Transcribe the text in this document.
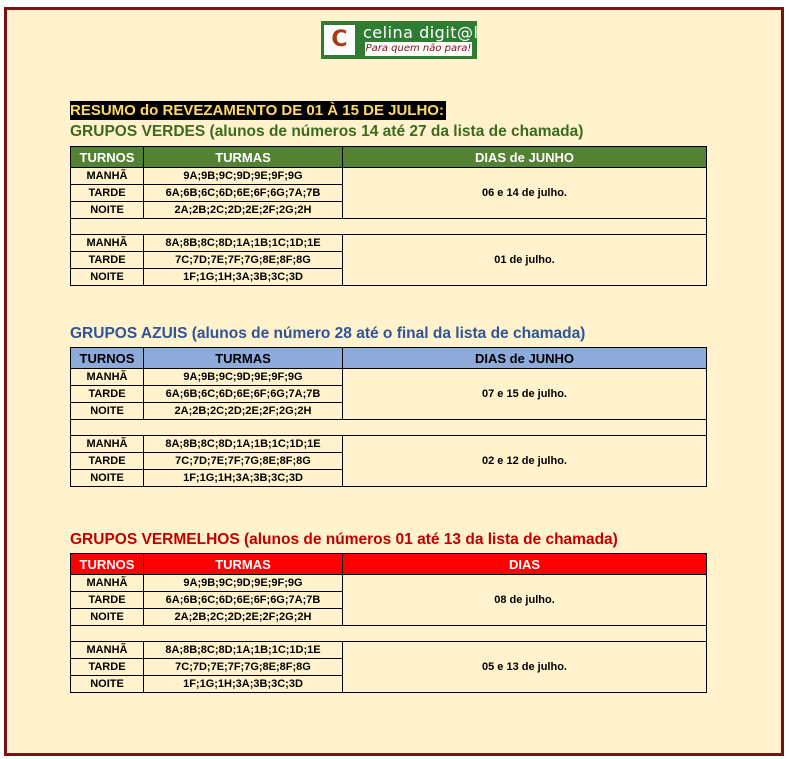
C celina digit@l
Para quem não para!
RESUMO do REVEZAMENTO DE 01 À 15 DE JULHO:
GRUPOS VERDES (alunos de números 14 até 27 da lista de chamada)
TURNOS	TURMAS	DIAS de JUNHO
MANHÃ	9A;9B;9C;9D;9E;9F;9G	06 e 14 de julho.
TARDE	6A;6B;6C;6D;6E;6F;6G;7A;7B	
NOITE	2A;2B;2C;2D;2E;2F;2G;2H	

MANHÃ	8A;8B;8C;8D;1A;1B;1C;1D;1E	01 de julho.
TARDE	7C;7D;7E;7F;7G;8E;8F;8G	
NOITE	1F;1G;1H;3A;3B;3C;3D	
GRUPOS AZUIS (alunos de número 28 até o final da lista de chamada)
TURNOS	TURMAS	DIAS de JUNHO
MANHÃ	9A;9B;9C;9D;9E;9F;9G	07 e 15 de julho.
TARDE	6A;6B;6C;6D;6E;6F;6G;7A;7B	
NOITE	2A;2B;2C;2D;2E;2F;2G;2H	

MANHÃ	8A;8B;8C;8D;1A;1B;1C;1D;1E	02 e 12 de julho.
TARDE	7C;7D;7E;7F;7G;8E;8F;8G	
NOITE	1F;1G;1H;3A;3B;3C;3D	
GRUPOS VERMELHOS (alunos de números 01 até 13 da lista de chamada)
TURNOS	TURMAS	DIAS
MANHÃ	9A;9B;9C;9D;9E;9F;9G	08 de julho.
TARDE	6A;6B;6C;6D;6E;6F;6G;7A;7B	
NOITE	2A;2B;2C;2D;2E;2F;2G;2H	

MANHÃ	8A;8B;8C;8D;1A;1B;1C;1D;1E	05 e 13 de julho.
TARDE	7C;7D;7E;7F;7G;8E;8F;8G	
NOITE	1F;1G;1H;3A;3B;3C;3D	
